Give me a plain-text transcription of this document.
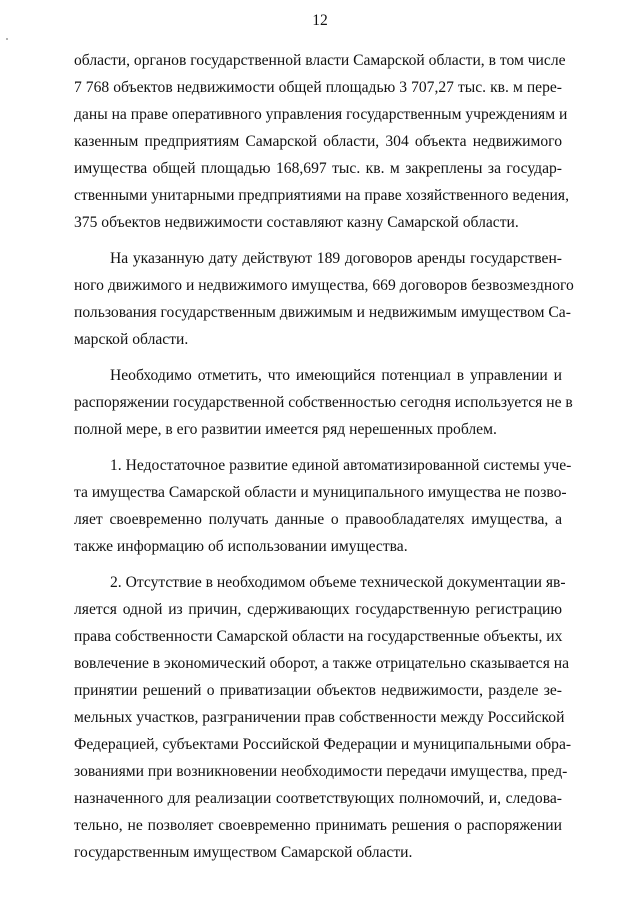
12

области, органов государственной власти Самарской области, в том числе
7 768 объектов недвижимости общей площадью 3 707,27 тыс. кв. м пере-
даны на праве оперативного управления государственным учреждениям и
казенным предприятиям Самарской области, 304 объекта недвижимого
имущества общей площадью 168,697 тыс. кв. м закреплены за государ-
ственными унитарными предприятиями на праве хозяйственного ведения,
375 объектов недвижимости составляют казну Самарской области.

На указанную дату действуют 189 договоров аренды государствен-
ного движимого и недвижимого имущества, 669 договоров безвозмездного
пользования государственным движимым и недвижимым имуществом Са-
марской области.

Необходимо отметить, что имеющийся потенциал в управлении и
распоряжении государственной собственностью сегодня используется не в
полной мере, в его развитии имеется ряд нерешенных проблем.

1. Недостаточное развитие единой автоматизированной системы уче-
та имущества Самарской области и муниципального имущества не позво-
ляет своевременно получать данные о правообладателях имущества, а
также информацию об использовании имущества.

2. Отсутствие в необходимом объеме технической документации яв-
ляется одной из причин, сдерживающих государственную регистрацию
права собственности Самарской области на государственные объекты, их
вовлечение в экономический оборот, а также отрицательно сказывается на
принятии решений о приватизации объектов недвижимости, разделе зе-
мельных участков, разграничении прав собственности между Российской
Федерацией, субъектами Российской Федерации и муниципальными обра-
зованиями при возникновении необходимости передачи имущества, пред-
назначенного для реализации соответствующих полномочий, и, следова-
тельно, не позволяет своевременно принимать решения о распоряжении
государственным имуществом Самарской области.
